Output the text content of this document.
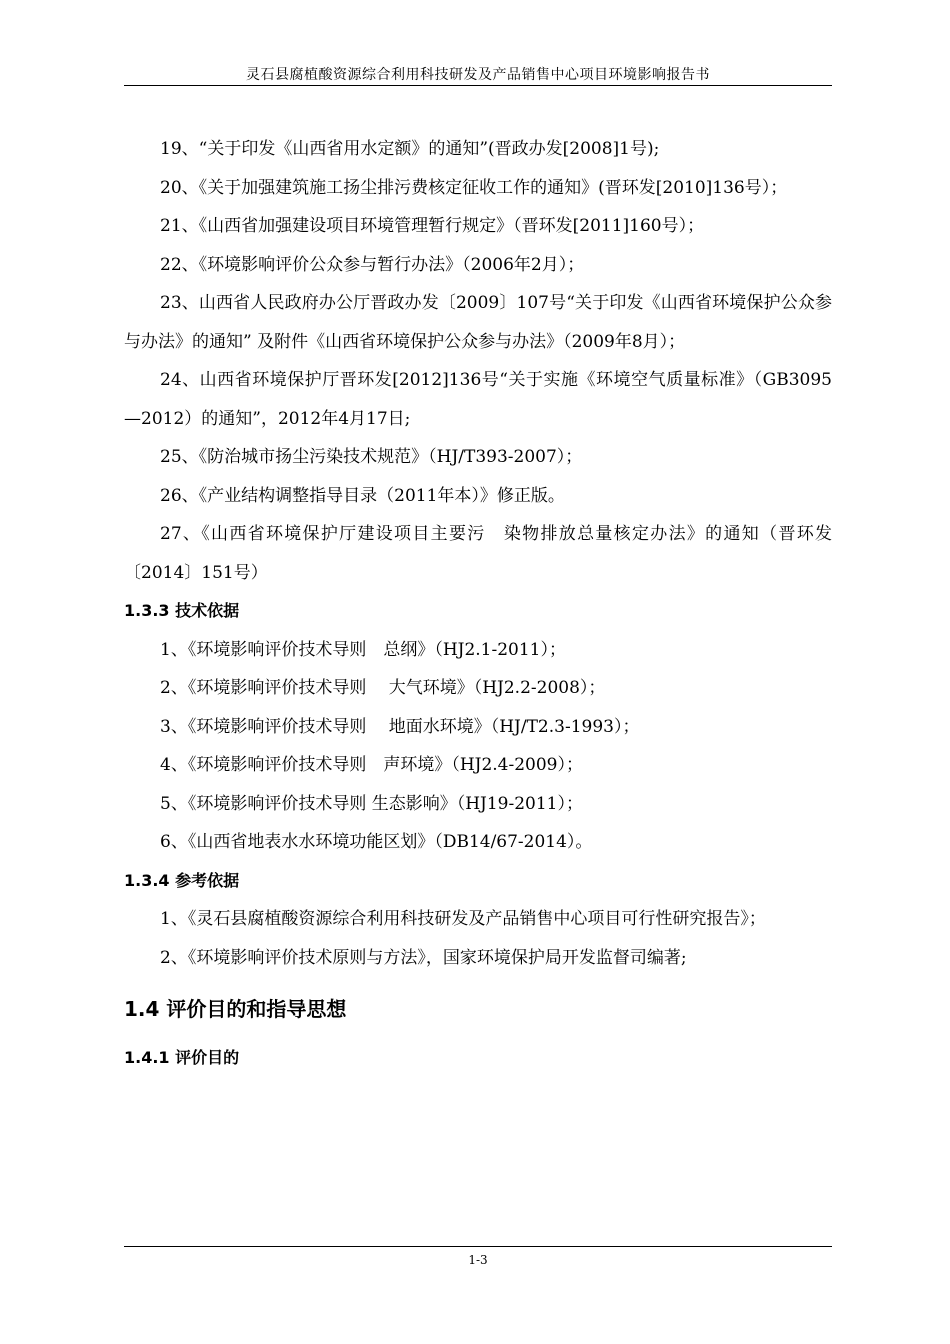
灵石县腐植酸资源综合利用科技研发及产品销售中心项目环境影响报告书
19、“关于印发《山西省用水定额》的通知”(晋政办发[2008]1号);
20、《关于加强建筑施工扬尘排污费核定征收工作的通知》(晋环发[2010]136号）；
21、《山西省加强建设项目环境管理暂行规定》（晋环发[2011]160号）；
22、《环境影响评价公众参与暂行办法》（2006年2月）；
23、山西省人民政府办公厅晋政办发〔2009〕107号“关于印发《山西省环境保护公众参与办法》的通知” 及附件《山西省环境保护公众参与办法》（2009年8月）；
24、山西省环境保护厅晋环发[2012]136号“关于实施《环境空气质量标准》（GB3095—2012）的通知”，2012年4月17日;
25、《防治城市扬尘污染技术规范》（HJ/T393-2007）；
26、《产业结构调整指导目录（2011年本）》修正版。
27、《山西省环境保护厅建设项目主要污　染物排放总量核定办法》的通知（晋环发〔2014〕151号）
1.3.3 技术依据
1、《环境影响评价技术导则　总纲》（HJ2.1-2011）；
2、《环境影响评价技术导则　 大气环境》（HJ2.2-2008）；
3、《环境影响评价技术导则　 地面水环境》（HJ/T2.3-1993）；
4、《环境影响评价技术导则　声环境》（HJ2.4-2009）；
5、《环境影响评价技术导则 生态影响》（HJ19-2011）；
6、《山西省地表水水环境功能区划》（DB14/67-2014）。
1.3.4 参考依据
1、《灵石县腐植酸资源综合利用科技研发及产品销售中心项目可行性研究报告》；
2、《环境影响评价技术原则与方法》，国家环境保护局开发监督司编著;
1.4 评价目的和指导思想
1.4.1 评价目的
1-3
